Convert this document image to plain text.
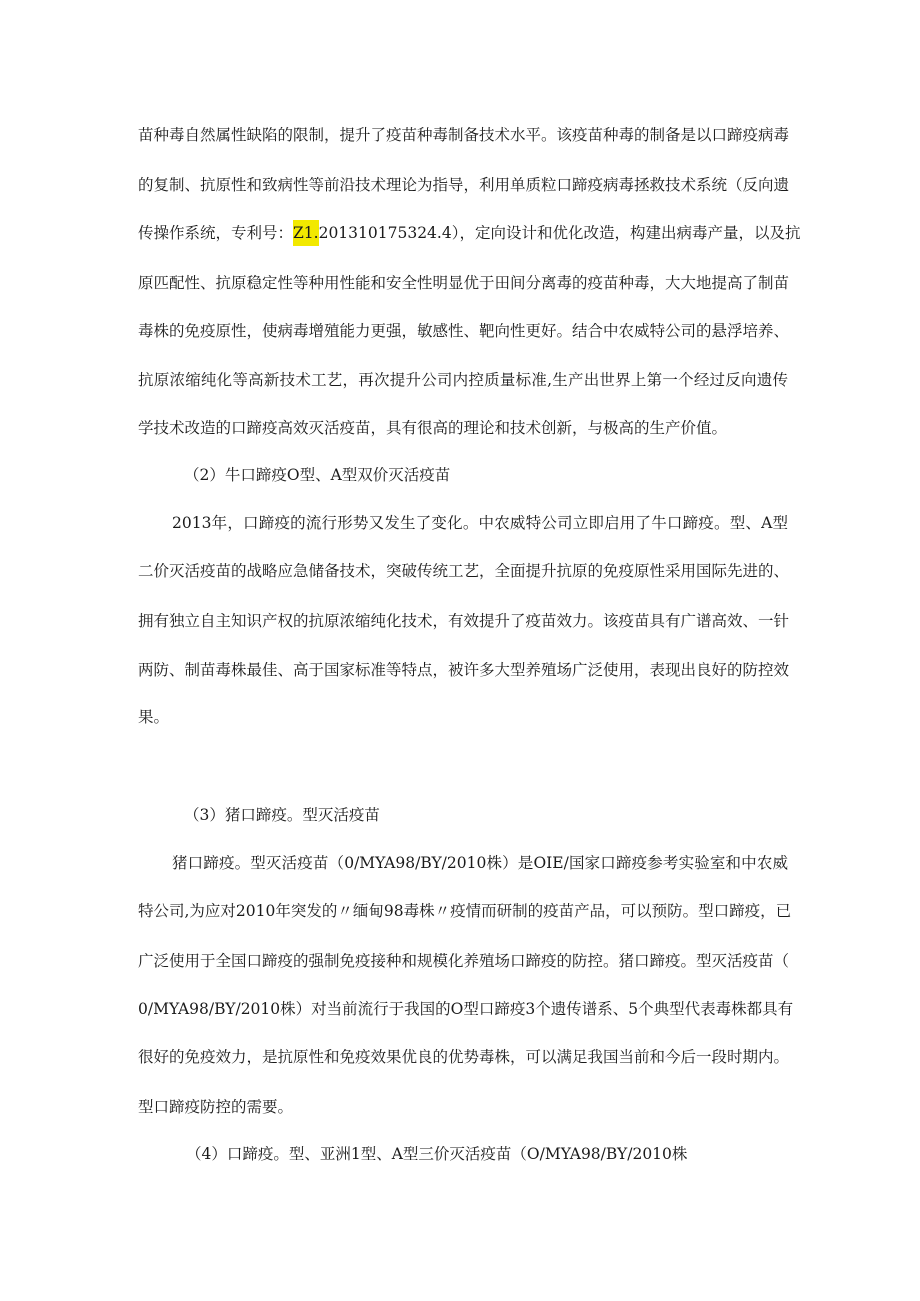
苗种毒自然属性缺陷的限制，提升了疫苗种毒制备技术水平。该疫苗种毒的制备是以口蹄疫病毒
的复制、抗原性和致病性等前沿技术理论为指导，利用单质粒口蹄疫病毒拯救技术系统（反向遗
传操作系统，专利号：Z1.201310175324.4），定向设计和优化改造，构建出病毒产量，以及抗
原匹配性、抗原稳定性等种用性能和安全性明显优于田间分离毒的疫苗种毒，大大地提高了制苗
毒株的免疫原性，使病毒增殖能力更强，敏感性、靶向性更好。结合中农威特公司的悬浮培养、
抗原浓缩纯化等高新技术工艺，再次提升公司内控质量标准,生产出世界上第一个经过反向遗传
学技术改造的口蹄疫高效灭活疫苗，具有很高的理论和技术创新，与极高的生产价值。
（2）牛口蹄疫O型、A型双价灭活疫苗
2013年，口蹄疫的流行形势又发生了变化。中农威特公司立即启用了牛口蹄疫。型、A型
二价灭活疫苗的战略应急储备技术，突破传统工艺，全面提升抗原的免疫原性采用国际先进的、
拥有独立自主知识产权的抗原浓缩纯化技术，有效提升了疫苗效力。该疫苗具有广谱高效、一针
两防、制苗毒株最佳、高于国家标准等特点，被许多大型养殖场广泛使用，表现出良好的防控效
果。
（3）猪口蹄疫。型灭活疫苗
猪口蹄疫。型灭活疫苗（0/MYA98/BY/2010株）是OIE/国家口蹄疫参考实验室和中农威
特公司,为应对2010年突发的〃缅甸98毒株〃疫情而研制的疫苗产品，可以预防。型口蹄疫，已
广泛使用于全国口蹄疫的强制免疫接种和规模化养殖场口蹄疫的防控。猪口蹄疫。型灭活疫苗（
0/MYA98/BY/2010株）对当前流行于我国的O型口蹄疫3个遗传谱系、5个典型代表毒株都具有
很好的免疫效力，是抗原性和免疫效果优良的优势毒株，可以满足我国当前和今后一段时期内。
型口蹄疫防控的需要。
（4）口蹄疫。型、亚洲1型、A型三价灭活疫苗（O/MYA98/BY/2010株
